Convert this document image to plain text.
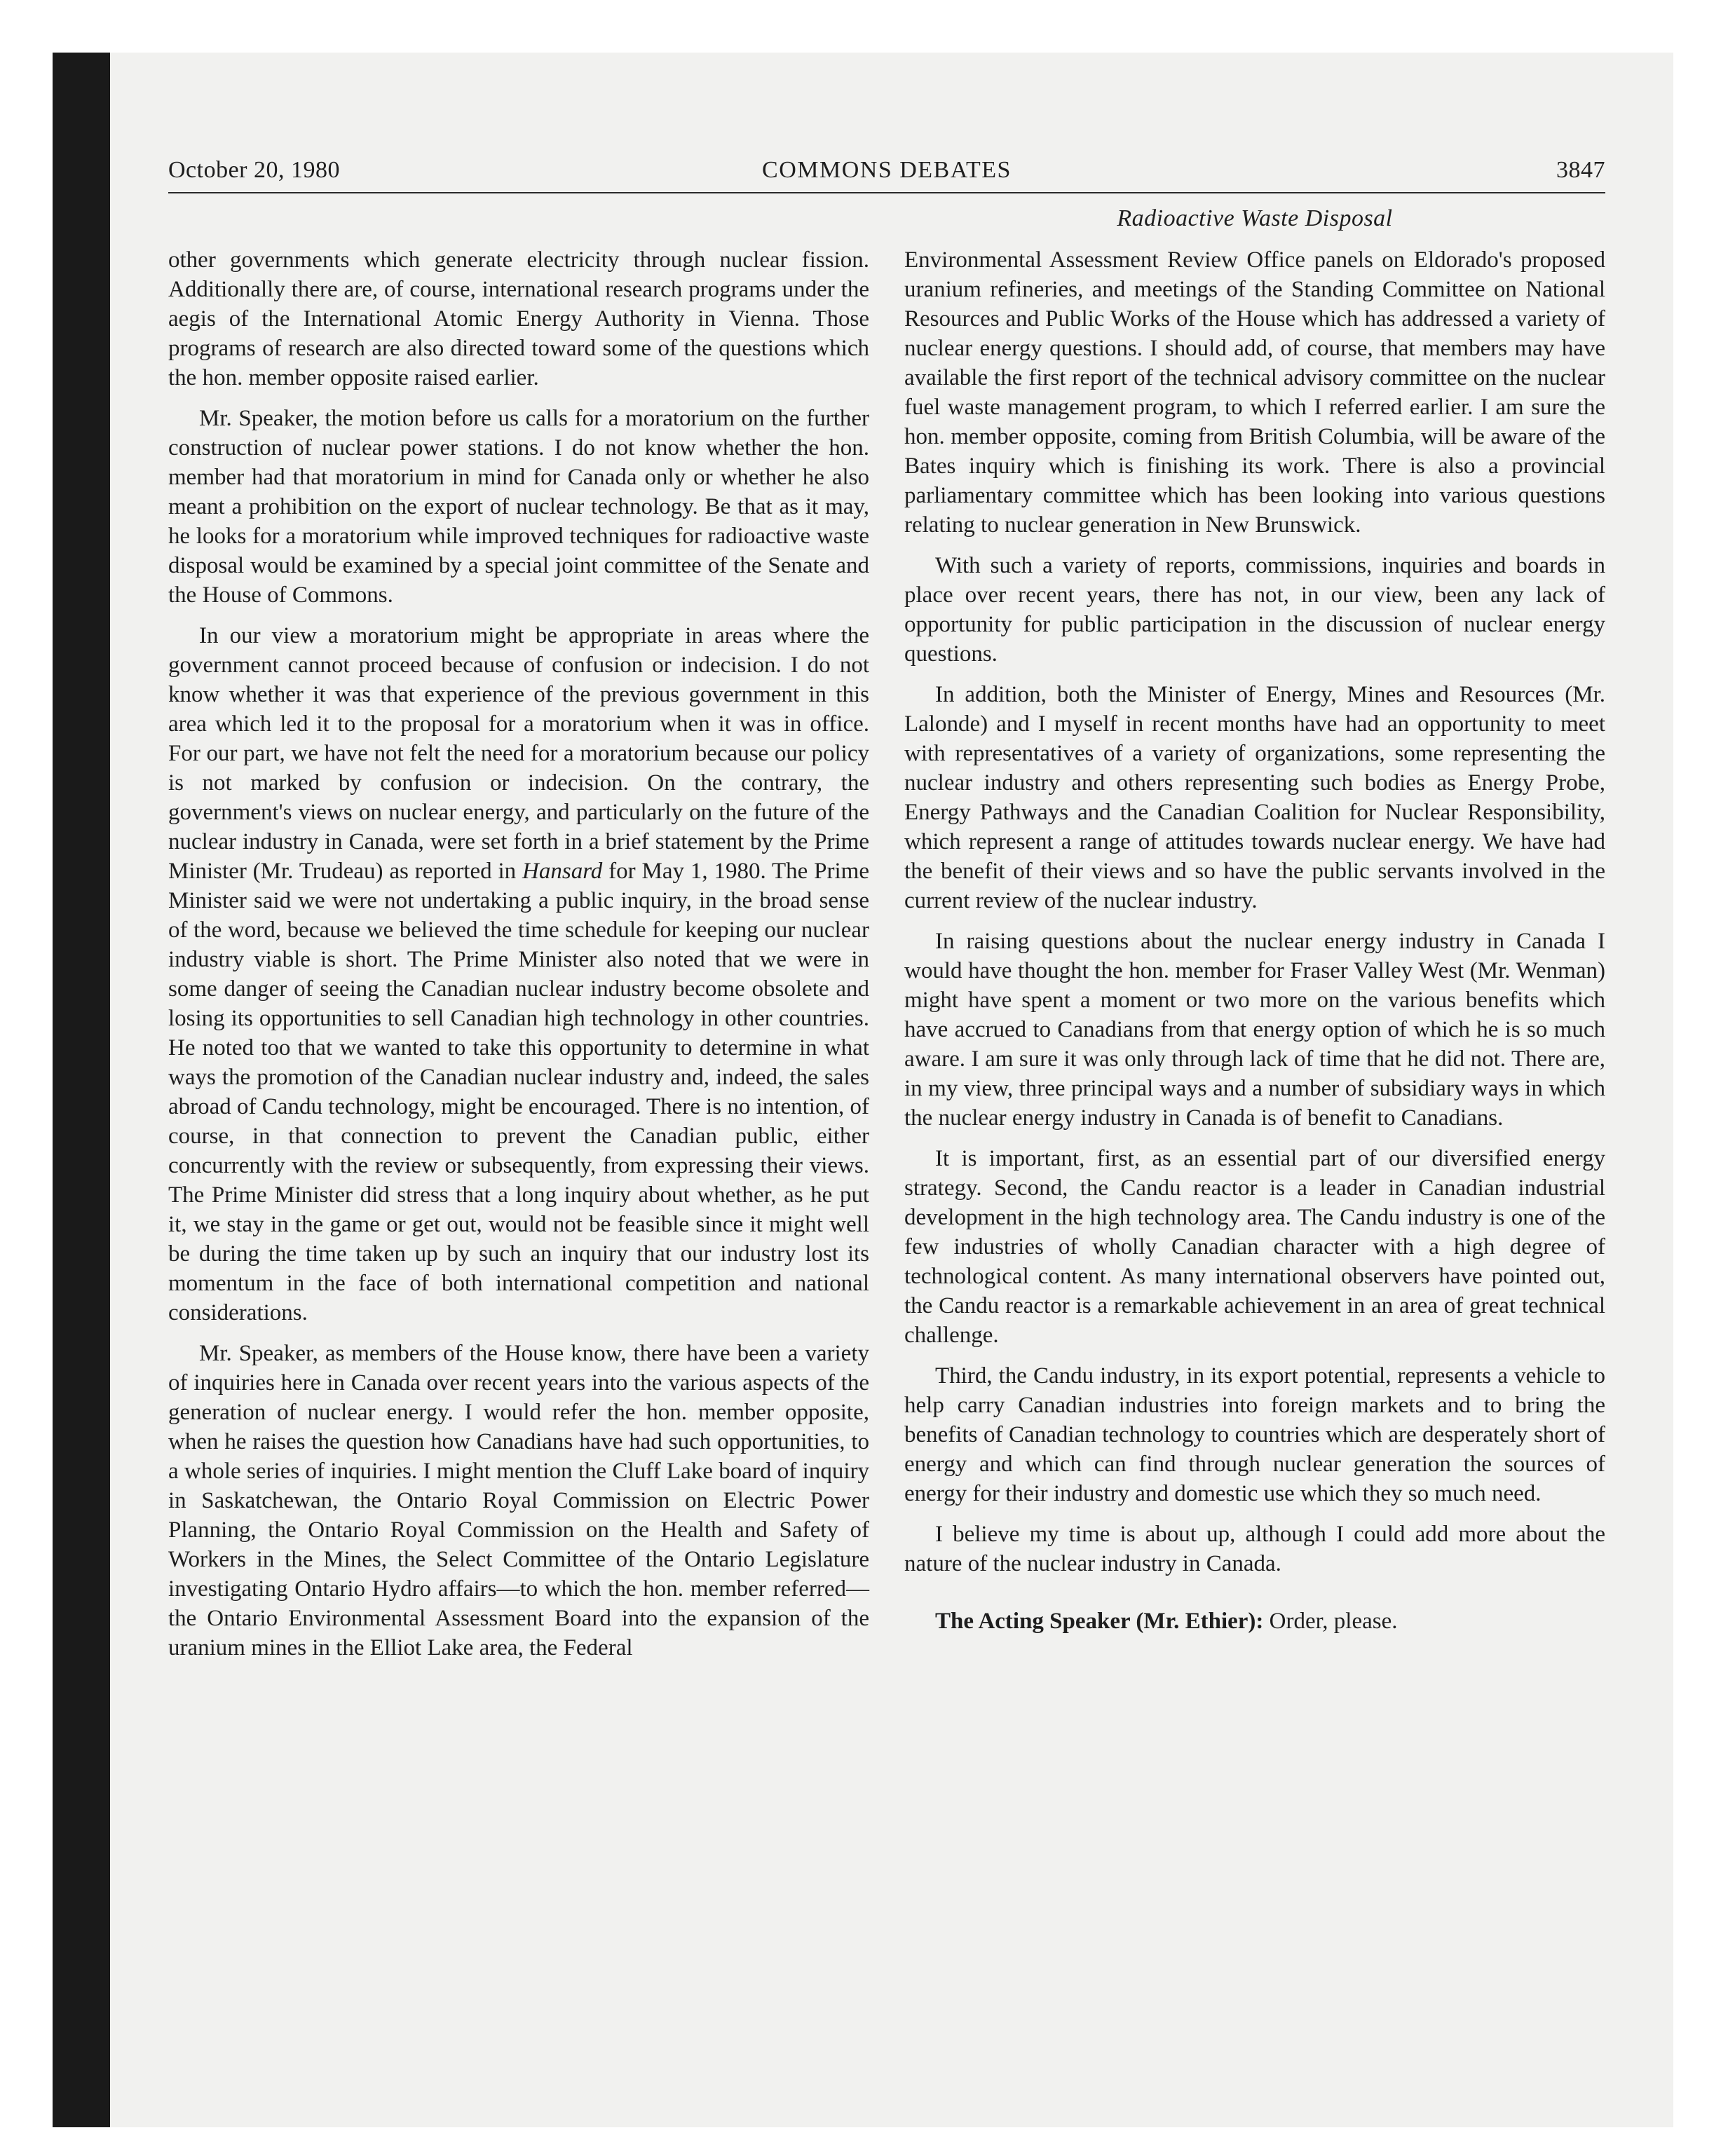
October 20, 1980	COMMONS DEBATES	3847
Radioactive Waste Disposal

other governments which generate electricity through nuclear fission. Additionally there are, of course, international research programs under the aegis of the International Atomic Energy Authority in Vienna. Those programs of research are also directed toward some of the questions which the hon. member opposite raised earlier.

Mr. Speaker, the motion before us calls for a moratorium on the further construction of nuclear power stations. I do not know whether the hon. member had that moratorium in mind for Canada only or whether he also meant a prohibition on the export of nuclear technology. Be that as it may, he looks for a moratorium while improved techniques for radioactive waste disposal would be examined by a special joint committee of the Senate and the House of Commons.

In our view a moratorium might be appropriate in areas where the government cannot proceed because of confusion or indecision. I do not know whether it was that experience of the previous government in this area which led it to the proposal for a moratorium when it was in office. For our part, we have not felt the need for a moratorium because our policy is not marked by confusion or indecision. On the contrary, the government's views on nuclear energy, and particularly on the future of the nuclear industry in Canada, were set forth in a brief statement by the Prime Minister (Mr. Trudeau) as reported in Hansard for May 1, 1980. The Prime Minister said we were not undertaking a public inquiry, in the broad sense of the word, because we believed the time schedule for keeping our nuclear industry viable is short. The Prime Minister also noted that we were in some danger of seeing the Canadian nuclear industry become obsolete and losing its opportunities to sell Canadian high technology in other countries. He noted too that we wanted to take this opportunity to determine in what ways the promotion of the Canadian nuclear industry and, indeed, the sales abroad of Candu technology, might be encouraged. There is no intention, of course, in that connection to prevent the Canadian public, either concurrently with the review or subsequently, from expressing their views. The Prime Minister did stress that a long inquiry about whether, as he put it, we stay in the game or get out, would not be feasible since it might well be during the time taken up by such an inquiry that our industry lost its momentum in the face of both international competition and national considerations.

Mr. Speaker, as members of the House know, there have been a variety of inquiries here in Canada over recent years into the various aspects of the generation of nuclear energy. I would refer the hon. member opposite, when he raises the question how Canadians have had such opportunities, to a whole series of inquiries. I might mention the Cluff Lake board of inquiry in Saskatchewan, the Ontario Royal Commission on Electric Power Planning, the Ontario Royal Commission on the Health and Safety of Workers in the Mines, the Select Committee of the Ontario Legislature investigating Ontario Hydro affairs—to which the hon. member referred—the Ontario Environmental Assessment Board into the expansion of the uranium mines in the Elliot Lake area, the Federal

Environmental Assessment Review Office panels on Eldorado's proposed uranium refineries, and meetings of the Standing Committee on National Resources and Public Works of the House which has addressed a variety of nuclear energy questions. I should add, of course, that members may have available the first report of the technical advisory committee on the nuclear fuel waste management program, to which I referred earlier. I am sure the hon. member opposite, coming from British Columbia, will be aware of the Bates inquiry which is finishing its work. There is also a provincial parliamentary committee which has been looking into various questions relating to nuclear generation in New Brunswick.

With such a variety of reports, commissions, inquiries and boards in place over recent years, there has not, in our view, been any lack of opportunity for public participation in the discussion of nuclear energy questions.

In addition, both the Minister of Energy, Mines and Resources (Mr. Lalonde) and I myself in recent months have had an opportunity to meet with representatives of a variety of organizations, some representing the nuclear industry and others representing such bodies as Energy Probe, Energy Pathways and the Canadian Coalition for Nuclear Responsibility, which represent a range of attitudes towards nuclear energy. We have had the benefit of their views and so have the public servants involved in the current review of the nuclear industry.

In raising questions about the nuclear energy industry in Canada I would have thought the hon. member for Fraser Valley West (Mr. Wenman) might have spent a moment or two more on the various benefits which have accrued to Canadians from that energy option of which he is so much aware. I am sure it was only through lack of time that he did not. There are, in my view, three principal ways and a number of subsidiary ways in which the nuclear energy industry in Canada is of benefit to Canadians.

It is important, first, as an essential part of our diversified energy strategy. Second, the Candu reactor is a leader in Canadian industrial development in the high technology area. The Candu industry is one of the few industries of wholly Canadian character with a high degree of technological content. As many international observers have pointed out, the Candu reactor is a remarkable achievement in an area of great technical challenge.

Third, the Candu industry, in its export potential, represents a vehicle to help carry Canadian industries into foreign markets and to bring the benefits of Canadian technology to countries which are desperately short of energy and which can find through nuclear generation the sources of energy for their industry and domestic use which they so much need.

I believe my time is about up, although I could add more about the nature of the nuclear industry in Canada.

The Acting Speaker (Mr. Ethier): Order, please.
